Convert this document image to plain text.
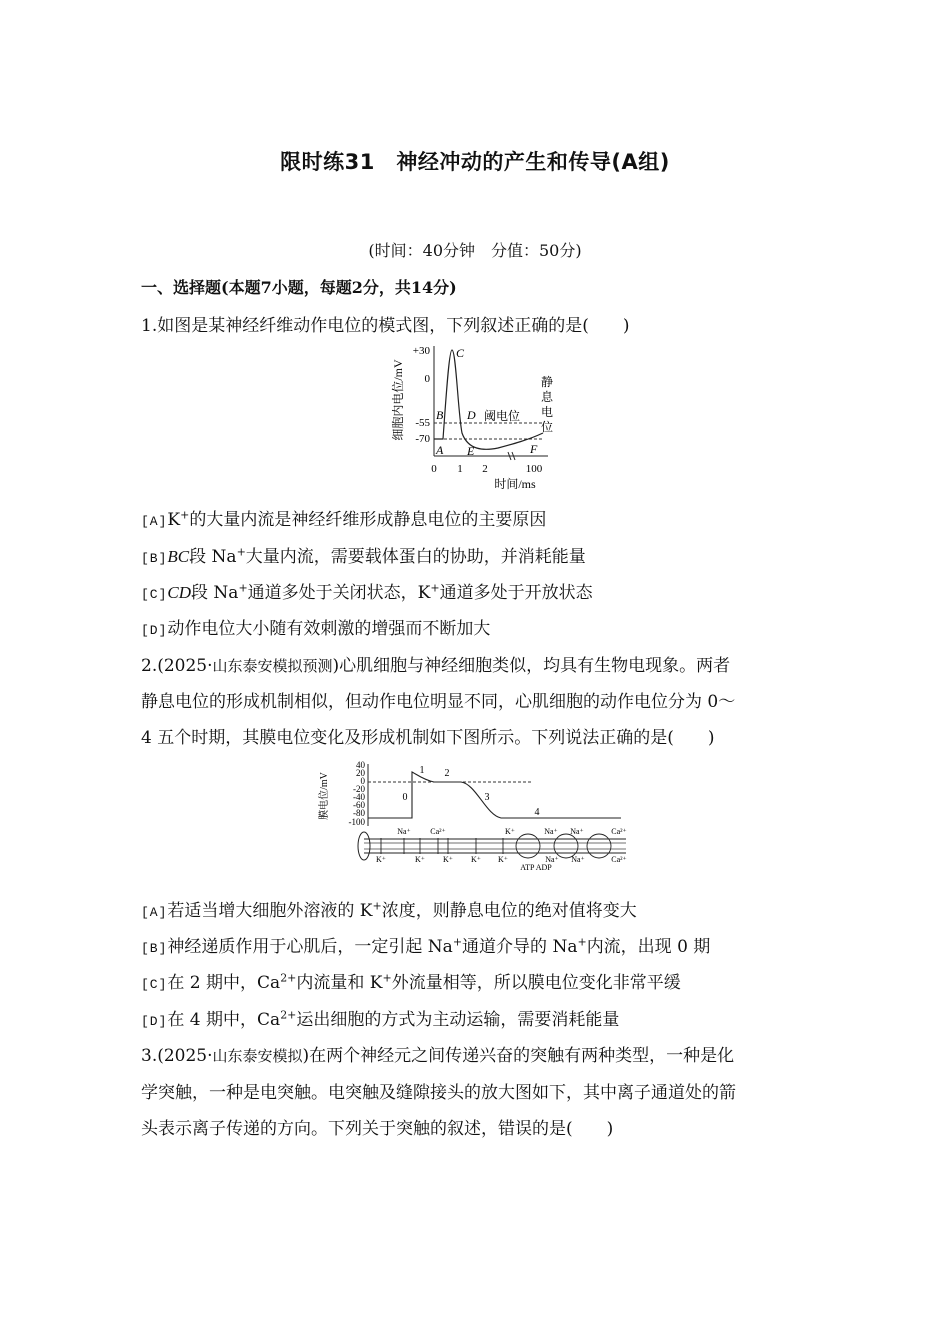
限时练31　神经冲动的产生和传导(A组)
(时间：40分钟　分值：50分)
一、选择题(本题7小题，每题2分，共14分)
1.如图是某神经纤维动作电位的模式图，下列叙述正确的是(　　)
细胞内电位/mV
+30
0
-55
-70
A
B
C
D
E	F
阈电位
静
息
电
位
0 1 2	100
时间/ms
[A]K+的大量内流是神经纤维形成静息电位的主要原因
[B]BC段 Na+大量内流，需要载体蛋白的协助，并消耗能量
[C]CD段 Na+通道多处于关闭状态，K+通道多处于开放状态
[D]动作电位大小随有效刺激的增强而不断加大
2.(2025·山东泰安模拟预测)心肌细胞与神经细胞类似，均具有生物电现象。两者
静息电位的形成机制相似，但动作电位明显不同，心肌细胞的动作电位分为 0～
4 五个时期，其膜电位变化及形成机制如下图所示。下列说法正确的是(　　)
膜电位/mV
40
20
0
-20
-40
-60
-80
-100
0
1 2
3
4
Na⁺ Ca²⁺	K⁺	Na⁺ Na⁺	Ca²⁺
K⁺	K⁺ K⁺ K⁺ K⁺	Na⁺ Na⁺	Ca²⁺
ATP ADP
[A]若适当增大细胞外溶液的 K+浓度，则静息电位的绝对值将变大
[B]神经递质作用于心肌后，一定引起 Na+通道介导的 Na+内流，出现 0 期
[C]在 2 期中，$Ca^{2+}$内流量和 K+外流量相等，所以膜电位变化非常平缓
[D]在 4 期中，$Ca^{2+}$运出细胞的方式为主动运输，需要消耗能量
3.(2025·山东泰安模拟)在两个神经元之间传递兴奋的突触有两种类型，一种是化
学突触，一种是电突触。电突触及缝隙接头的放大图如下，其中离子通道处的箭
头表示离子传递的方向。下列关于突触的叙述，错误的是(　　)
